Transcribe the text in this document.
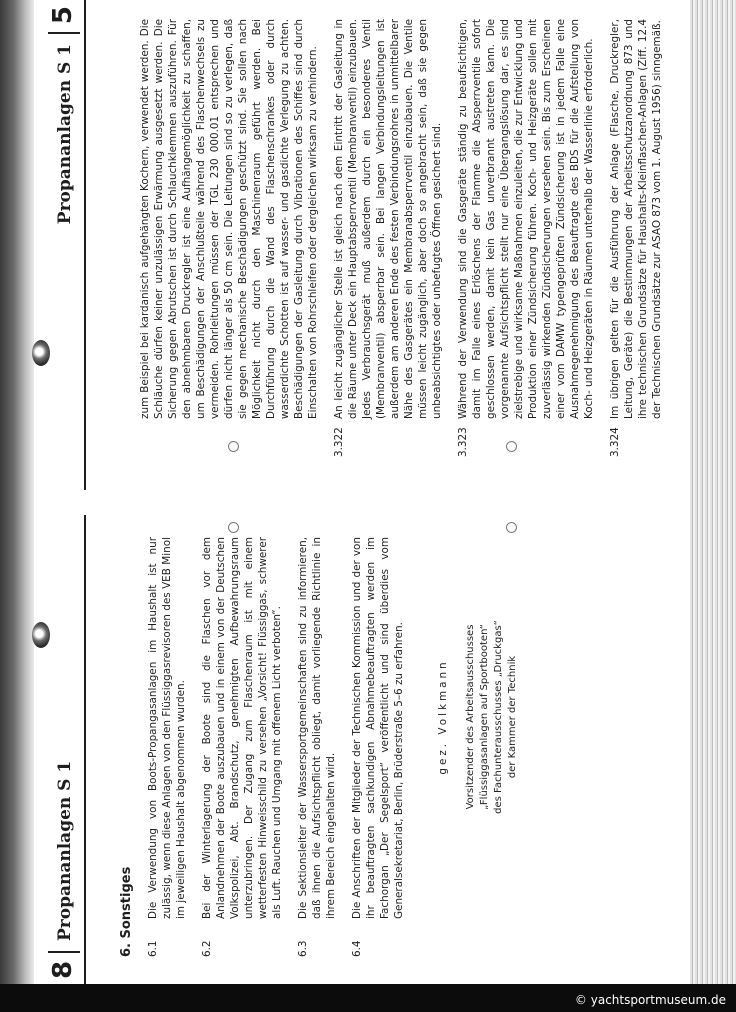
8
Propananlagen S 1
Propananlagen S 1
5
6. Sonstiges 6.1
Die Verwendung von Boots-Propangasanlagen im Haushalt ist nur zulässig, wenn diese Anlagen von den Flüssiggasrevisoren des VEB Minol im jeweiligen Haushalt abgenommen wurden.
6.2
Bei der Winterlagerung der Boote sind die Flaschen vor dem Anlandnehmen der Boote auszubauen und in einem von der Deutschen Volkspolizei, Abt. Brandschutz, genehmigten Aufbewahrungsraum unterzubringen. Der Zugang zum Flaschenraum ist mit einem wetterfesten Hinweisschild zu versehen „Vorsicht! Flüssiggas, schwerer als Luft. Rauchen und Umgang mit offenem Licht verboten“.
6.3
Die Sektionsleiter der Wassersportgemeinschaften sind zu informieren, daß ihnen die Aufsichtspflicht obliegt, damit vorliegende Richtlinie in ihrem Bereich eingehalten wird.
6.4
Die Anschriften der Mitglieder der Technischen Kommission und der von ihr beauftragten sachkundigen Abnahmebeauftragten werden im Fachorgan „Der Segelsport“ veröffentlicht und sind überdies vom Generalsekretariat, Berlin, Brüderstraße 5–6 zu erfahren.	gez. Volkmann Vorsitzender des Arbeitsausschusses „Flüssiggasanlagen auf Sportbooten“ des Fachunterausschusses „Druckgas“ der Kammer der Technik
zum Beispiel bei kardanisch aufgehängten Kochern, verwendet werden. Die Schläuche dürfen keiner unzulässigen Erwärmung ausgesetzt werden. Die Sicherung gegen Abrutschen ist durch Schlauchklemmen auszuführen. Für den abnehmbaren Druckregler ist eine Aufhängemöglichkeit zu schaffen, um Beschädigungen der Anschlußteile während des Flaschenwechsels zu vermeiden. Rohrleitungen müssen der TGL 230 000.01 entsprechen und dürfen nicht länger als 50 cm sein. Die Leitungen sind so zu verlegen, daß sie gegen mechanische Beschädigungen geschützt sind. Sie sollen nach Möglichkeit nicht durch den Maschinenraum geführt werden. Bei Durchführung durch die Wand des Flaschenschrankes oder durch wasserdichte Schotten ist auf wasser- und gasdichte Verlegung zu achten. Beschädigungen der Gasleitung durch Vibrationen des Schiffes sind durch Einschalten von Rohrschleifen oder dergleichen wirksam zu verhindern.
3.322
An leicht zugänglicher Stelle ist gleich nach dem Eintritt der Gasleitung in die Räume unter Deck ein Hauptabsperrventil (Membranventil) einzubauen. Jedes Verbrauchsgerät muß außerdem durch ein besonderes Ventil (Membranventil) absperrbar sein. Bei langen Verbindungsleitungen ist außerdem am anderen Ende des festen Verbindungsrohres in unmittelbarer Nähe des Gasgerätes ein Membranabsperrventil einzubauen. Die Ventile müssen leicht zugänglich, aber doch so angebracht sein, daß sie gegen unbeabsichtigtes oder unbefugtes Öffnen gesichert sind.
3.323
Während der Verwendung sind die Gasgeräte ständig zu beaufsichtigen, damit im Falle eines Erlöschens der Flamme die Absperrventile sofort geschlossen werden, damit kein Gas unverbrannt austreten kann. Die vorgenannte Aufsichtspflicht stellt nur eine Übergangslösung dar, es sind zielstrebige und wirksame Maßnahmen einzuleiten, die zur Entwicklung und Produktion einer Zündsicherung führen. Koch- und Heizgeräte sollen mit zuverlässig wirkenden Zündsicherungen versehen sein. Bis zum Erscheinen einer vom DAMW typengeprüften Zündsicherung ist in jedem Falle eine Ausnahmegenehmigung des Beauftragte des BDS für die Aufstellung von Koch- und Heizgeräten in Räumen unterhalb der Wasserlinie erforderlich.
3.324
Im übrigen gelten für die Ausführung der Anlage (Flasche, Druckregler, Leitung, Geräte) die Bestimmungen der Arbeitsschutzanordnung 873 und ihre technischen Grundsätze für Haushalts-Kleinflaschen-Anlagen (Ziff. 12.4 der Technischen Grundsätze zur ASAO 873 vom 1. August 1956) sinngemäß.
© yachtsportmuseum.de
